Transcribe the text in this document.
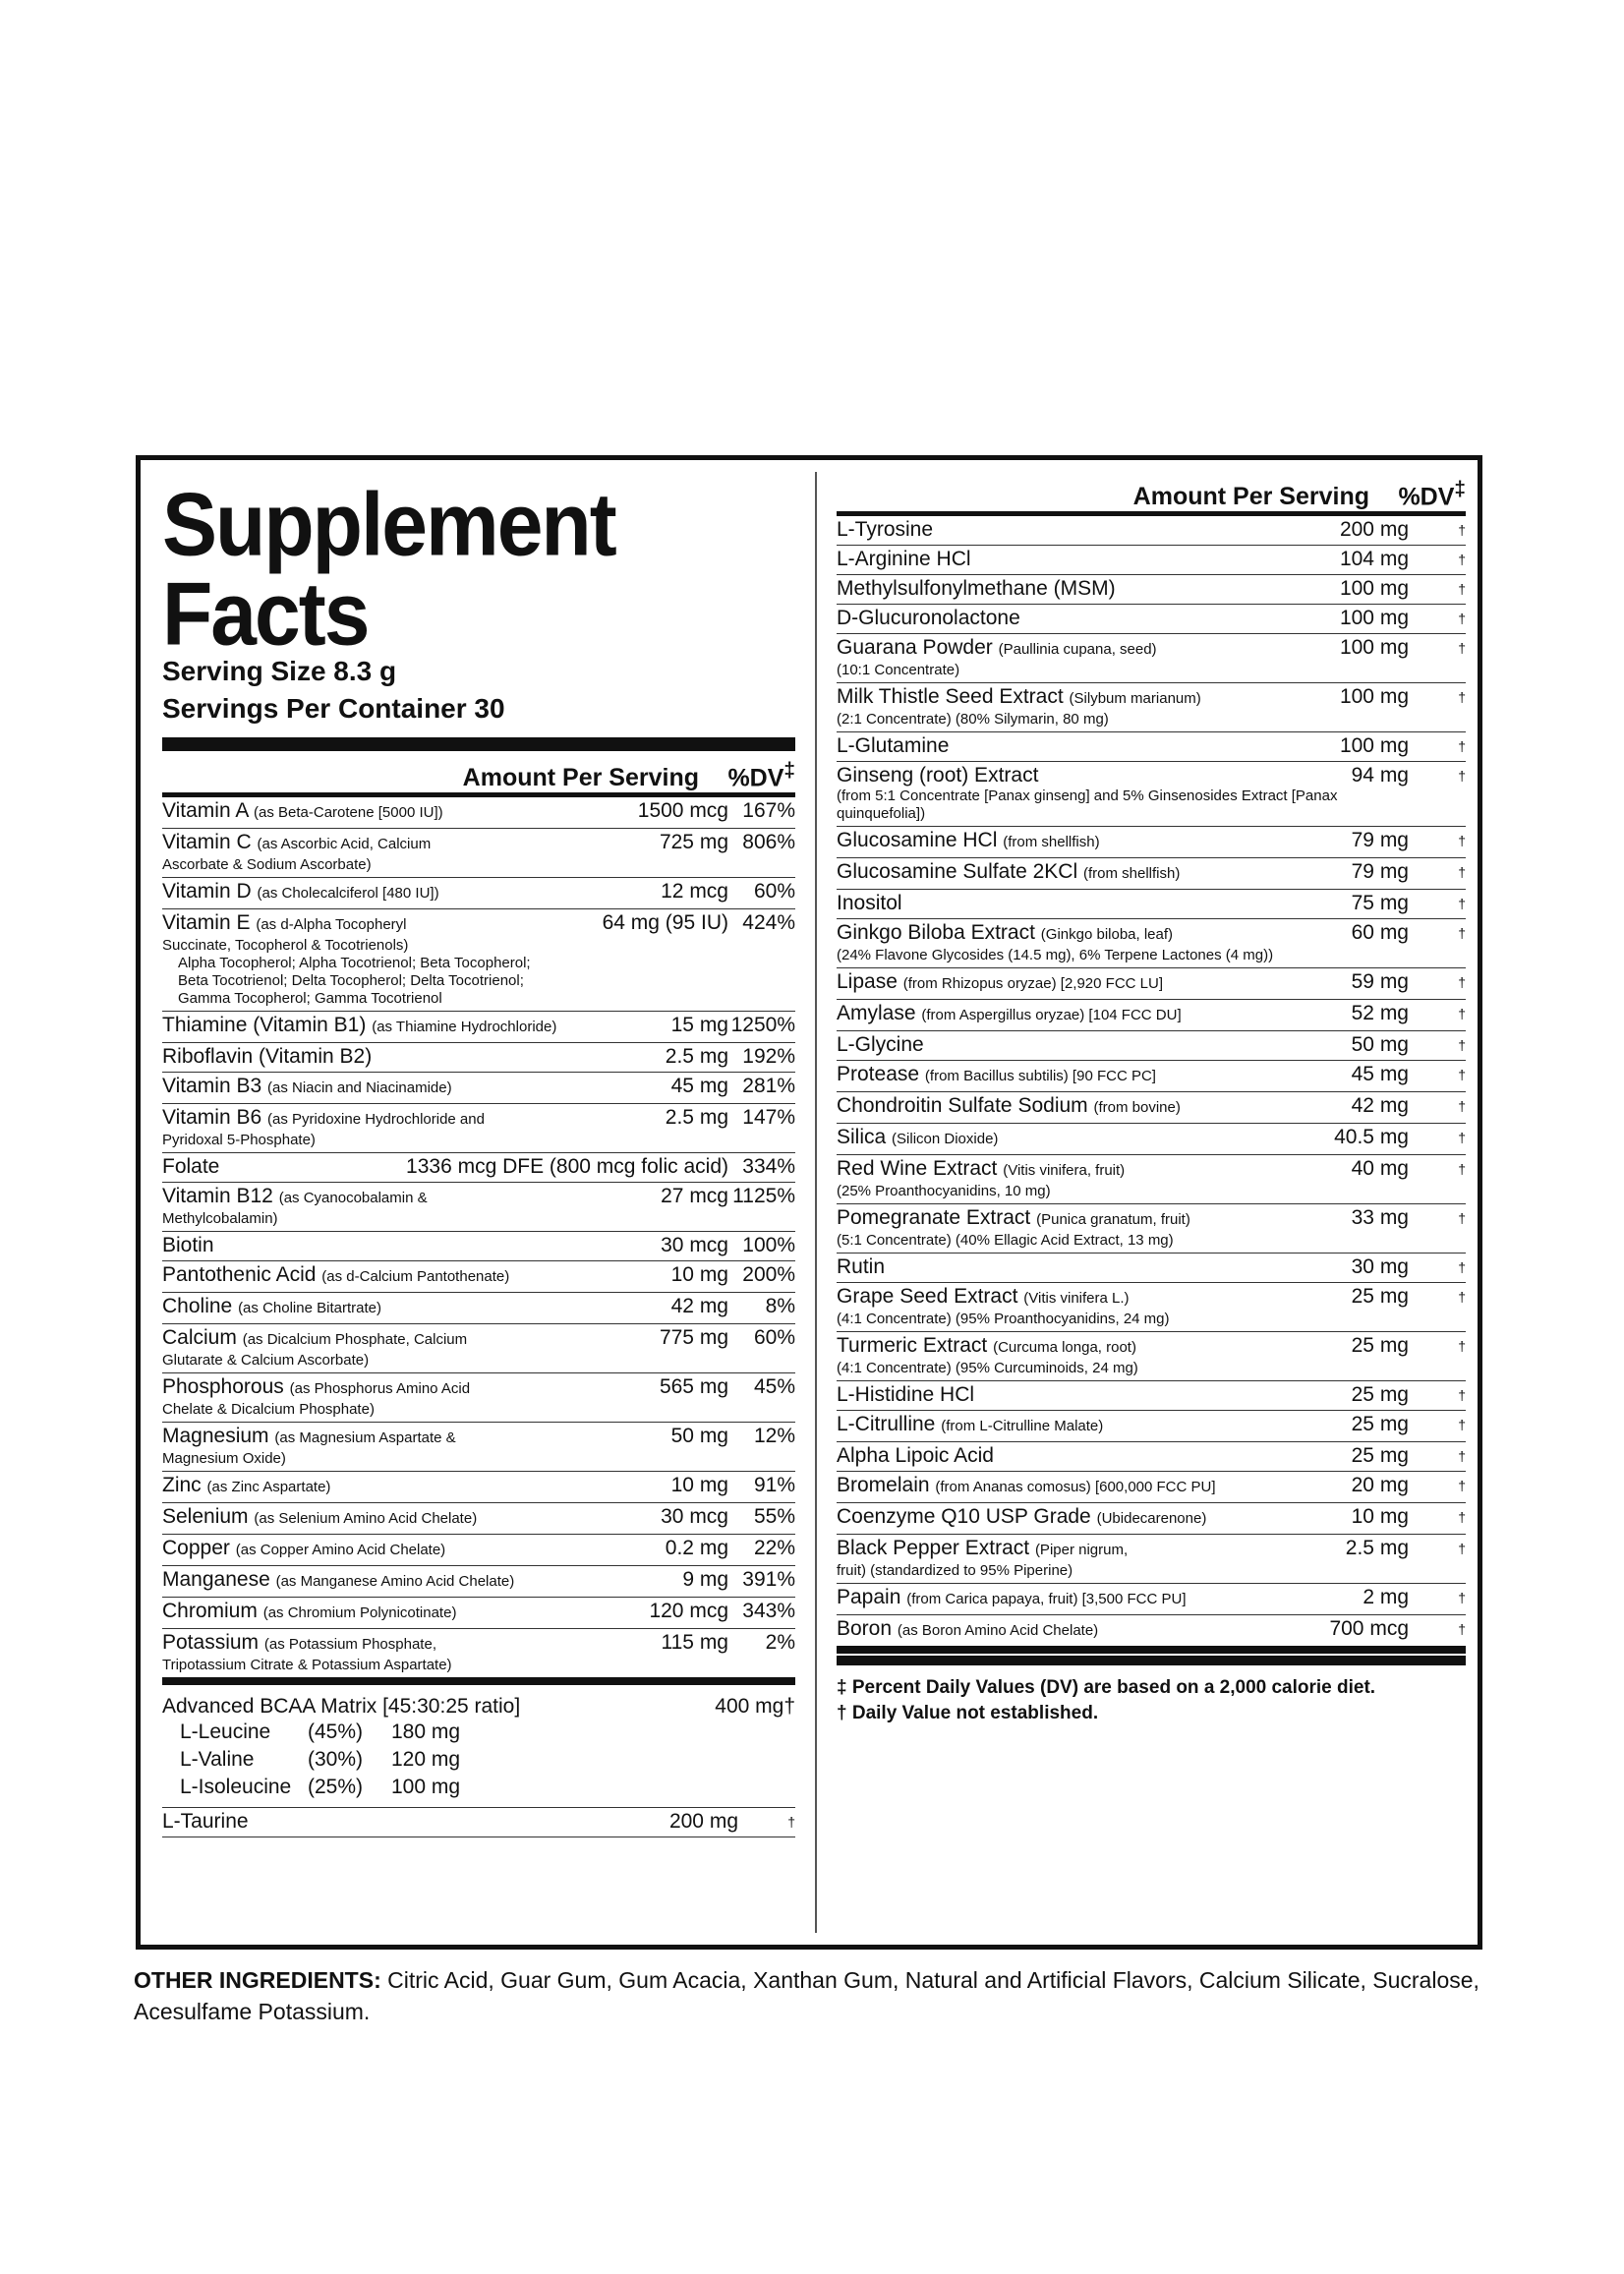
Supplement Facts
Serving Size 8.3 g
Servings Per Container 30
Amount Per Serving %DV‡
Vitamin A (as Beta-Carotene [5000 IU])	1500 mcg 167%
Vitamin C (as Ascorbic Acid, Calcium
Ascorbate & Sodium Ascorbate)
725 mg 806%
Vitamin D (as Cholecalciferol [480 IU])	12 mcg	60%
Vitamin E (as d-Alpha Tocopheryl
Succinate, Tocopherol & Tocotrienols)
Alpha Tocopherol; Alpha Tocotrienol; Beta Tocopherol;
Beta Tocotrienol; Delta Tocopherol; Delta Tocotrienol;
Gamma Tocopherol; Gamma Tocotrienol
64 mg (95 IU) 424%
Thiamine (Vitamin B1) (as Thiamine Hydrochloride)	15 mg 1250%
Riboflavin (Vitamin B2)	2.5 mg 192%
Vitamin B3 (as Niacin and Niacinamide)	45 mg 281%
Vitamin B6 (as Pyridoxine Hydrochloride and
Pyridoxal 5-Phosphate)
2.5 mg 147%
Folate	1336 mcg DFE (800 mcg folic acid) 334%
Vitamin B12 (as Cyanocobalamin &
Methylcobalamin)
27 mcg 1125%
Biotin	30 mcg 100%
Pantothenic Acid (as d-Calcium Pantothenate)	10 mg 200%
Choline (as Choline Bitartrate)	42 mg	8%
Calcium (as Dicalcium Phosphate, Calcium
Glutarate & Calcium Ascorbate)
775 mg	60%
Phosphorous (as Phosphorus Amino Acid
Chelate & Dicalcium Phosphate)
565 mg	45%
Magnesium (as Magnesium Aspartate &
Magnesium Oxide)
50 mg	12%
Zinc (as Zinc Aspartate)	10 mg	91%
Selenium (as Selenium Amino Acid Chelate)	30 mcg	55%
Copper (as Copper Amino Acid Chelate)	0.2 mg	22%
Manganese (as Manganese Amino Acid Chelate)	9 mg 391%
Chromium (as Chromium Polynicotinate)	120 mcg 343%
Potassium (as Potassium Phosphate,
Tripotassium Citrate & Potassium Aspartate)
115 mg	2%
Advanced BCAA Matrix [45:30:25 ratio]	400 mg †
L-Leucine	(45%)	180 mg
L-Valine	(30%)	120 mg
L-Isoleucine (25%)	100 mg
L-Taurine	200 mg	†
Amount Per Serving %DV‡
L-Tyrosine	200 mg	†
L-Arginine HCl	104 mg	†
Methylsulfonylmethane (MSM)	100 mg	†
D-Glucuronolactone	100 mg	†
Guarana Powder (Paullinia cupana, seed)
(10:1 Concentrate)
100 mg	†
Milk Thistle Seed Extract (Silybum marianum)
(2:1 Concentrate) (80% Silymarin, 80 mg)
100 mg	†
L-Glutamine	100 mg	†
Ginseng (root) Extract
(from 5:1 Concentrate [Panax ginseng] and 5% Ginsenosides Extract [Panax quinquefolia])
94 mg	†
Glucosamine HCl (from shellfish)	79 mg	†
Glucosamine Sulfate 2KCl (from shellfish)	79 mg	†
Inositol	75 mg	†
Ginkgo Biloba Extract (Ginkgo biloba, leaf)
(24% Flavone Glycosides (14.5 mg), 6% Terpene Lactones (4 mg))
60 mg	†
Lipase (from Rhizopus oryzae) [2,920 FCC LU]	59 mg	†
Amylase (from Aspergillus oryzae) [104 FCC DU]	52 mg	†
L-Glycine	50 mg	†
Protease (from Bacillus subtilis) [90 FCC PC]	45 mg	†
Chondroitin Sulfate Sodium (from bovine)	42 mg	†
Silica (Silicon Dioxide)	40.5 mg	†
Red Wine Extract (Vitis vinifera, fruit)
(25% Proanthocyanidins, 10 mg)
40 mg	†
Pomegranate Extract (Punica granatum, fruit)
(5:1 Concentrate) (40% Ellagic Acid Extract, 13 mg)
33 mg	†
Rutin	30 mg	†
Grape Seed Extract (Vitis vinifera L.)
(4:1 Concentrate) (95% Proanthocyanidins, 24 mg)
25 mg	†
Turmeric Extract (Curcuma longa, root)
(4:1 Concentrate) (95% Curcuminoids, 24 mg)
25 mg	†
L-Histidine HCl	25 mg	†
L-Citrulline (from L-Citrulline Malate)	25 mg	†
Alpha Lipoic Acid	25 mg	†
Bromelain (from Ananas comosus) [600,000 FCC PU]	20 mg	†
Coenzyme Q10 USP Grade (Ubidecarenone)	10 mg	†
Black Pepper Extract (Piper nigrum,
fruit) (standardized to 95% Piperine)
2.5 mg	†
Papain (from Carica papaya, fruit) [3,500 FCC PU]	2 mg	†
Boron (as Boron Amino Acid Chelate)	700 mcg	†
‡ Percent Daily Values (DV) are based on a 2,000 calorie diet.
† Daily Value not established.
OTHER INGREDIENTS: Citric Acid, Guar Gum, Gum Acacia, Xanthan Gum, Natural and Artificial Flavors, Calcium Silicate, Sucralose, Acesulfame Potassium.
